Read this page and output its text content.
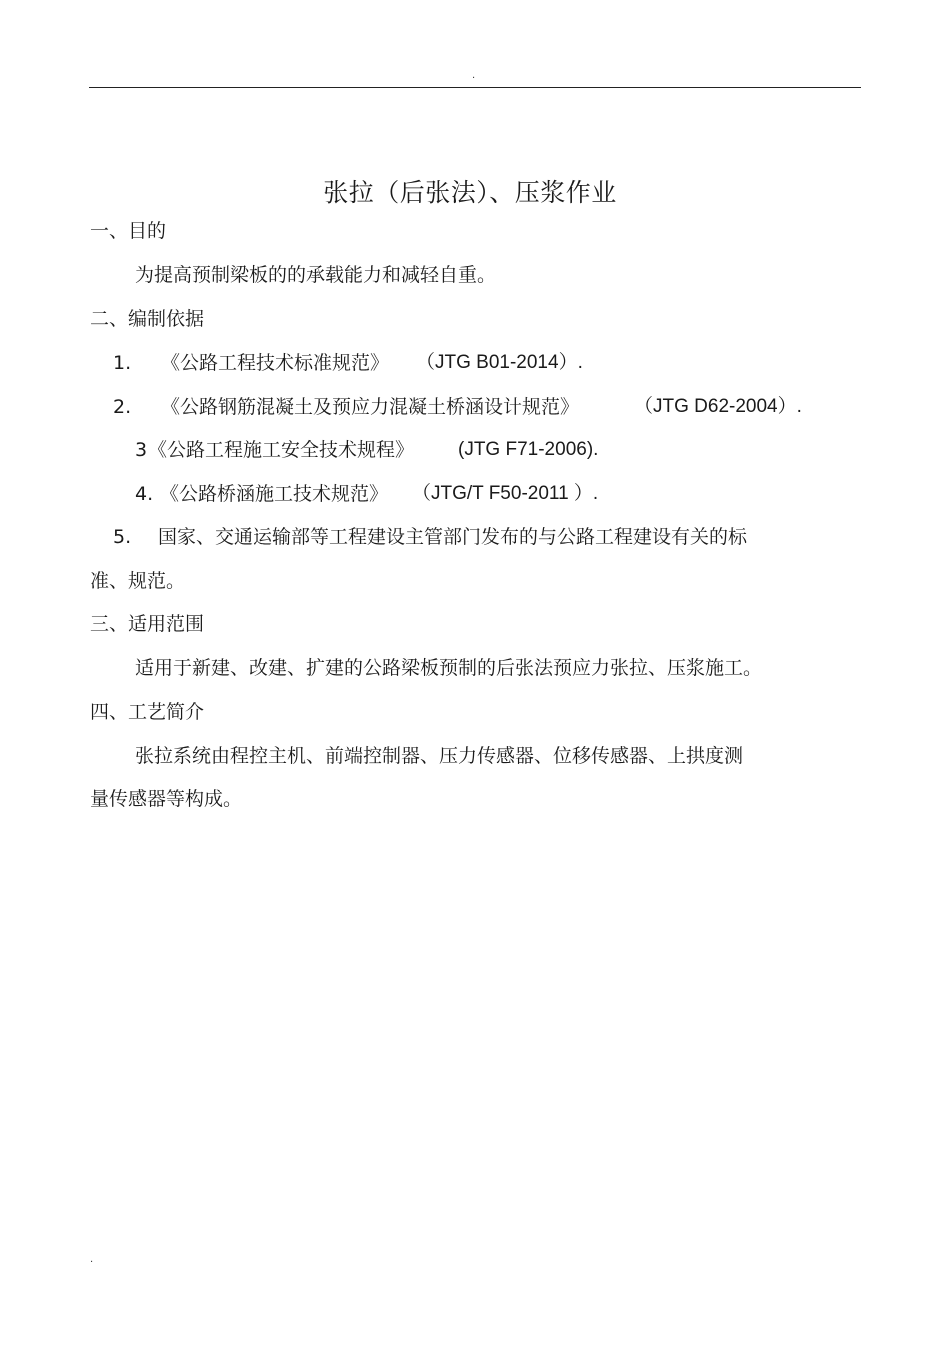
.
张拉（后张法）、压浆作业
一、目的
为提高预制梁板的的承载能力和减轻自重。
二、编制依据
1. 《公路工程技术标准规范》 （JTG B01-2014）.
2. 《公路钢筋混凝土及预应力混凝土桥涵设计规范》	（JTG D62-2004）.
3 《公路工程施工安全技术规程》 (JTG F71-2006).
4. 《公路桥涵施工技术规范》 （JTG/T F50-2011 ）.
5. 国家、交通运输部等工程建设主管部门发布的与公路工程建设有关的标
准、规范。
三、适用范围
适用于新建、改建、扩建的公路梁板预制的后张法预应力张拉、压浆施工。
四、工艺简介
张拉系统由程控主机、前端控制器、压力传感器、位移传感器、上拱度测
量传感器等构成。
.
